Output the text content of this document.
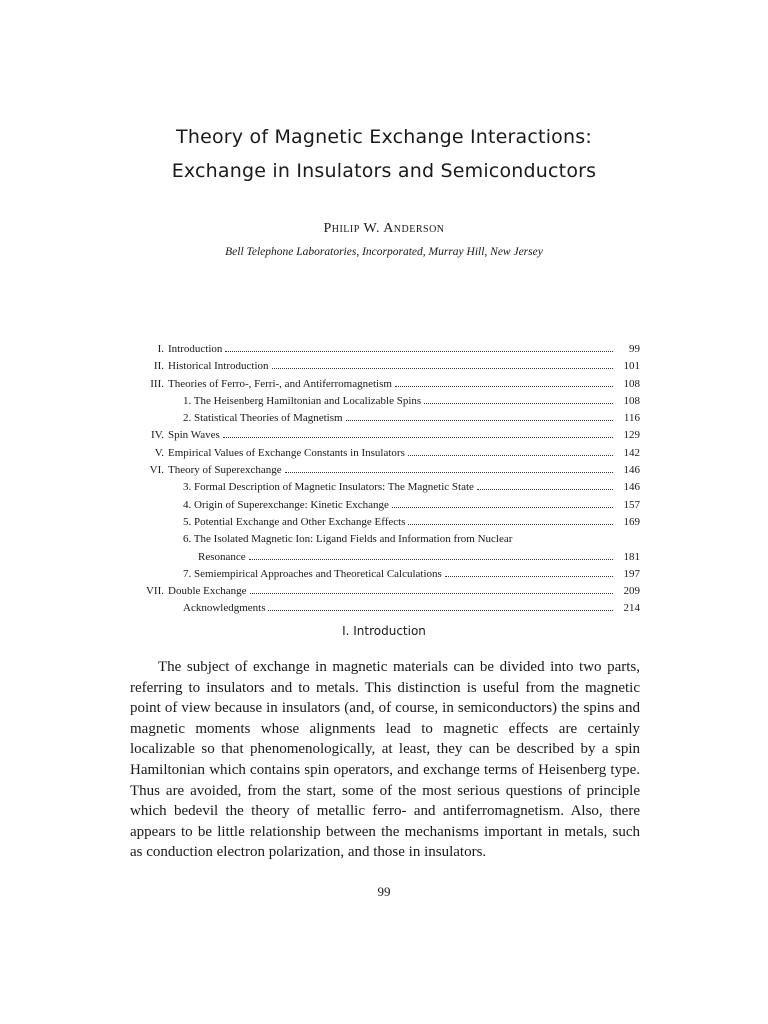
Theory of Magnetic Exchange Interactions:
Exchange in Insulators and Semiconductors
Philip W. Anderson
Bell Telephone Laboratories, Incorporated, Murray Hill, New Jersey
I. Introduction	99
II. Historical Introduction	101
III. Theories of Ferro-, Ferri-, and Antiferromagnetism	108
1. The Heisenberg Hamiltonian and Localizable Spins	108
2. Statistical Theories of Magnetism	116
IV. Spin Waves	129
V. Empirical Values of Exchange Constants in Insulators	142
VI. Theory of Superexchange	146
3. Formal Description of Magnetic Insulators: The Magnetic State	146
4. Origin of Superexchange: Kinetic Exchange	157
5. Potential Exchange and Other Exchange Effects	169
6. The Isolated Magnetic Ion: Ligand Fields and Information from Nuclear
Resonance	181
7. Semiempirical Approaches and Theoretical Calculations	197
VII. Double Exchange	209
Acknowledgments	214
I. Introduction

The subject of exchange in magnetic materials can be divided into two parts, referring to insulators and to metals. This distinction is useful from the magnetic point of view because in insulators (and, of course, in semiconductors) the spins and magnetic moments whose alignments lead to magnetic effects are certainly localizable so that phenomenologically, at least, they can be described by a spin Hamiltonian which contains spin operators, and exchange terms of Heisenberg type. Thus are avoided, from the start, some of the most serious questions of principle which bedevil the theory of metallic ferro- and antiferromagnetism. Also, there appears to be little relationship between the mechanisms important in metals, such as conduction electron polarization, and those in insulators.

99
